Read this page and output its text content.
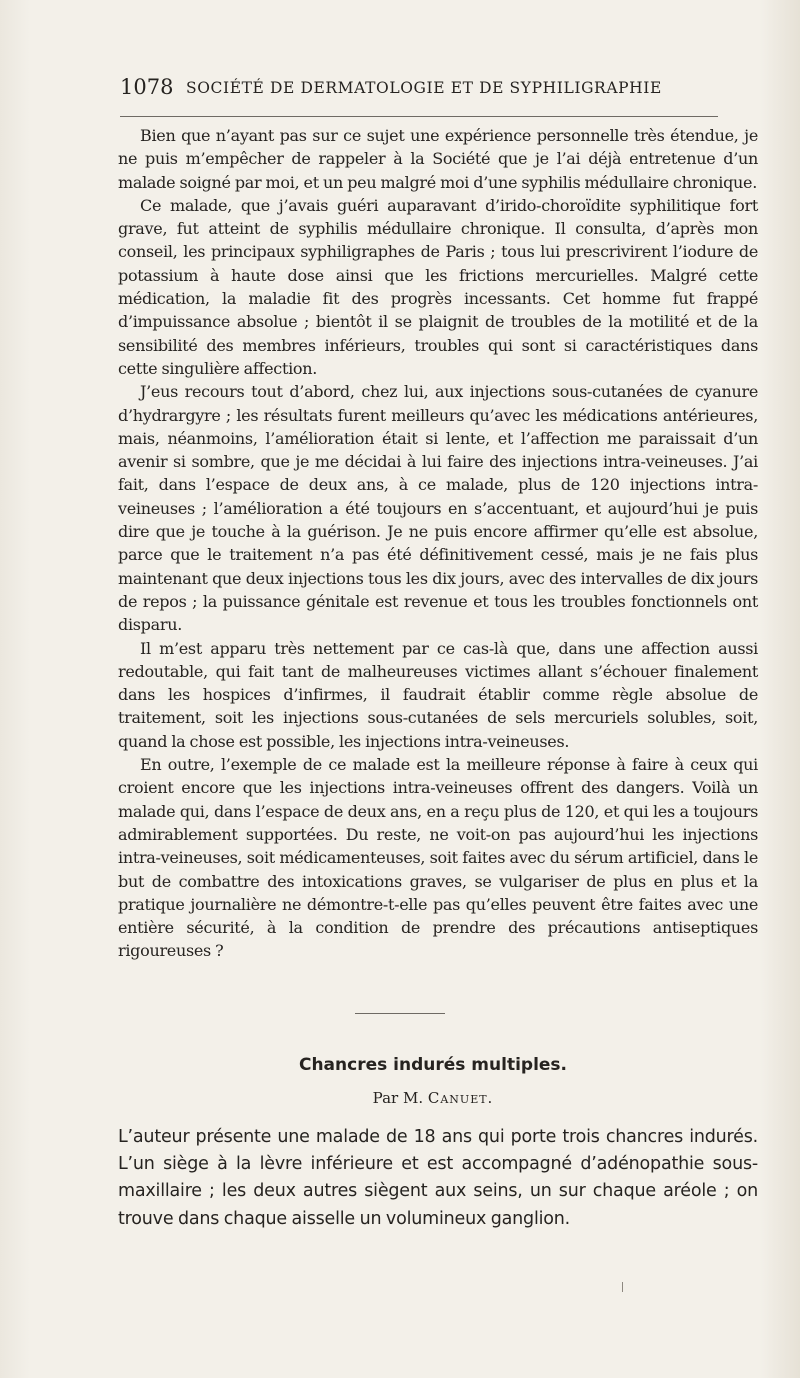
1078 SOCIÉTÉ DE DERMATOLOGIE ET DE SYPHILIGRAPHIE

Bien que n’ayant pas sur ce sujet une expérience personnelle très étendue, je ne puis m’empêcher de rappeler à la Société que je l’ai déjà entretenue d’un malade soigné par moi, et un peu malgré moi d’une syphilis médullaire chronique.

Ce malade, que j’avais guéri auparavant d’irido-choroïdite syphilitique fort grave, fut atteint de syphilis médullaire chronique. Il consulta, d’après mon conseil, les principaux syphiligraphes de Paris ; tous lui prescrivirent l’iodure de potassium à haute dose ainsi que les frictions mercurielles. Malgré cette médication, la maladie fit des progrès incessants. Cet homme fut frappé d’impuissance absolue ; bientôt il se plaignit de troubles de la motilité et de la sensibilité des membres inférieurs, troubles qui sont si caractéristiques dans cette singulière affection.

J’eus recours tout d’abord, chez lui, aux injections sous-cutanées de cyanure d’hydrargyre ; les résultats furent meilleurs qu’avec les médications antérieures, mais, néanmoins, l’amélioration était si lente, et l’affection me paraissait d’un avenir si sombre, que je me décidai à lui faire des injections intra-veineuses. J’ai fait, dans l’espace de deux ans, à ce malade, plus de 120 injections intra-veineuses ; l’amélioration a été toujours en s’accentuant, et aujourd’hui je puis dire que je touche à la guérison. Je ne puis encore affirmer qu’elle est absolue, parce que le traitement n’a pas été définitivement cessé, mais je ne fais plus maintenant que deux injections tous les dix jours, avec des intervalles de dix jours de repos ; la puissance génitale est revenue et tous les troubles fonctionnels ont disparu.

Il m’est apparu très nettement par ce cas-là que, dans une affection aussi redoutable, qui fait tant de malheureuses victimes allant s’échouer finalement dans les hospices d’infirmes, il faudrait établir comme règle absolue de traitement, soit les injections sous-cutanées de sels mercuriels solubles, soit, quand la chose est possible, les injections intra-veineuses.

En outre, l’exemple de ce malade est la meilleure réponse à faire à ceux qui croient encore que les injections intra-veineuses offrent des dangers. Voilà un malade qui, dans l’espace de deux ans, en a reçu plus de 120, et qui les a toujours admirablement supportées. Du reste, ne voit-on pas aujourd’hui les injections intra-veineuses, soit médicamenteuses, soit faites avec du sérum artificiel, dans le but de combattre des intoxications graves, se vulgariser de plus en plus et la pratique journalière ne démontre-t-elle pas qu’elles peuvent être faites avec une entière sécurité, à la condition de prendre des précautions antiseptiques rigoureuses ?

Chancres indurés multiples.
Par M. Canuet.

L’auteur présente une malade de 18 ans qui porte trois chancres indurés. L’un siège à la lèvre inférieure et est accompagné d’adénopathie sous-maxillaire ; les deux autres siègent aux seins, un sur chaque aréole ; on trouve dans chaque aisselle un volumineux ganglion.
